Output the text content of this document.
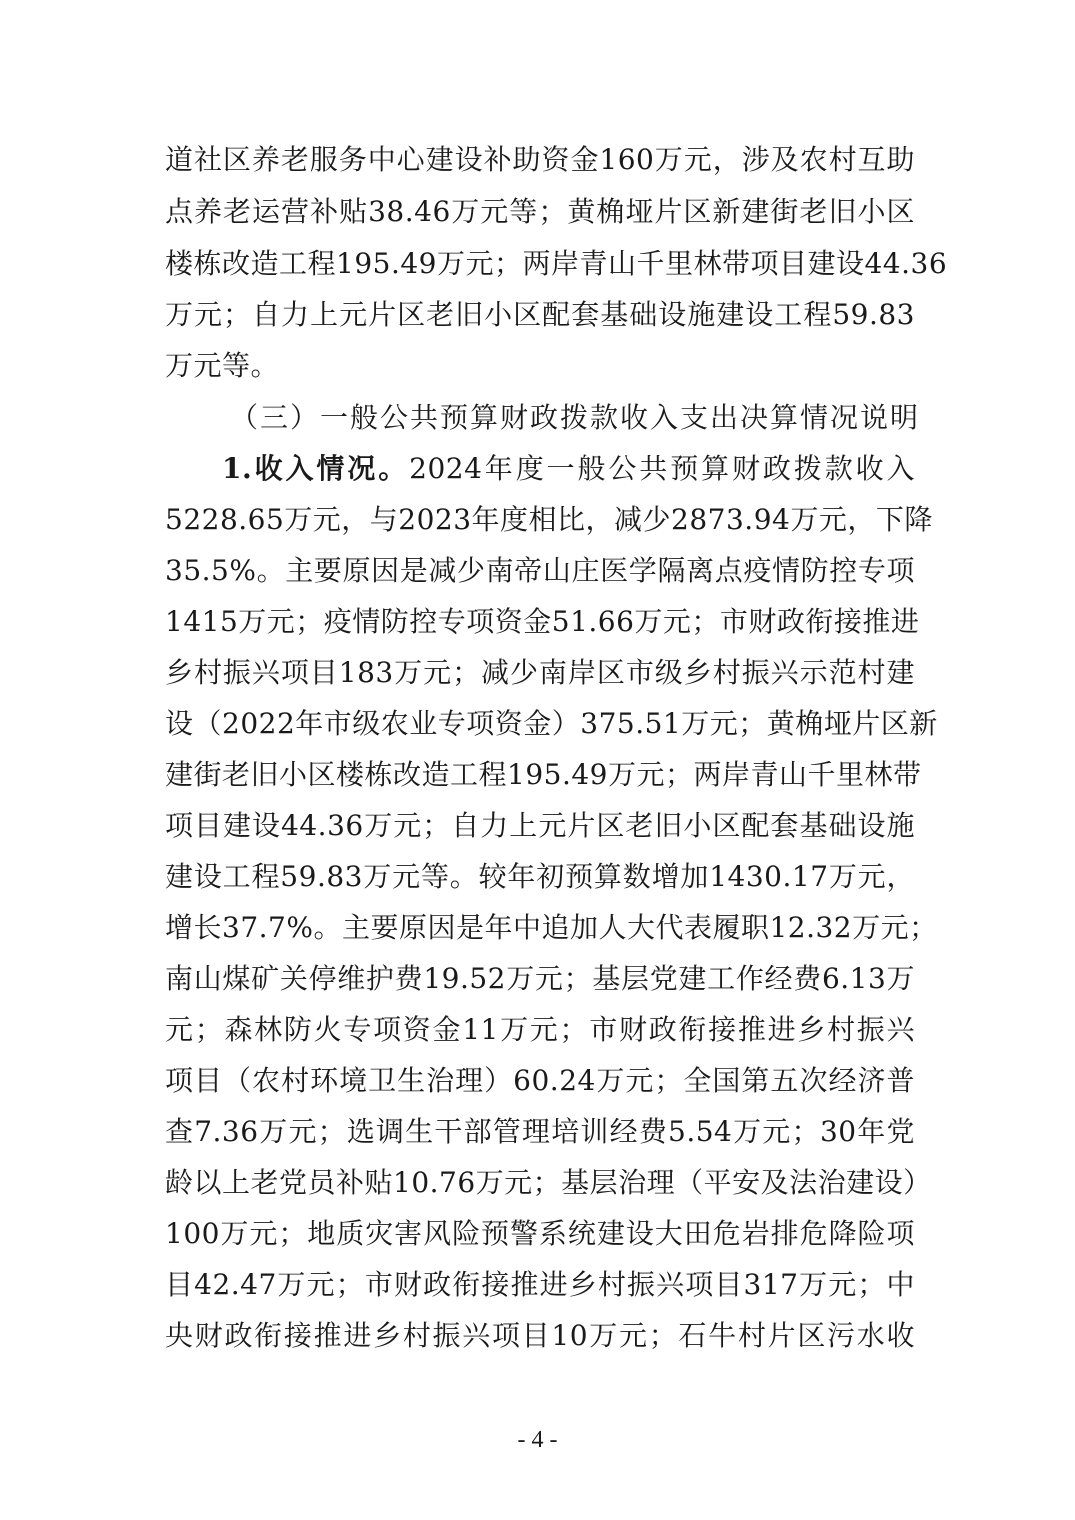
道社区养老服务中心建设补助资金160万元，涉及农村互助
点养老运营补贴38.46万元等；黄桷垭片区新建街老旧小区
楼栋改造工程195.49万元；两岸青山千里林带项目建设44.36
万元；自力上元片区老旧小区配套基础设施建设工程59.83
万元等。
（三）一般公共预算财政拨款收入支出决算情况说明
1.收入情况。2024年度一般公共预算财政拨款收入
5228.65万元，与2023年度相比，减少2873.94万元，下降
35.5%。主要原因是减少南帝山庄医学隔离点疫情防控专项
1415万元；疫情防控专项资金51.66万元；市财政衔接推进
乡村振兴项目183万元；减少南岸区市级乡村振兴示范村建
设（2022年市级农业专项资金）375.51万元；黄桷垭片区新
建街老旧小区楼栋改造工程195.49万元；两岸青山千里林带
项目建设44.36万元；自力上元片区老旧小区配套基础设施
建设工程59.83万元等。较年初预算数增加1430.17万元，
增长37.7%。主要原因是年中追加人大代表履职12.32万元；
南山煤矿关停维护费19.52万元；基层党建工作经费6.13万
元；森林防火专项资金11万元；市财政衔接推进乡村振兴
项目（农村环境卫生治理）60.24万元；全国第五次经济普
查7.36万元；选调生干部管理培训经费5.54万元；30年党
龄以上老党员补贴10.76万元；基层治理（平安及法治建设）
100万元；地质灾害风险预警系统建设大田危岩排危降险项
目42.47万元；市财政衔接推进乡村振兴项目317万元；中
央财政衔接推进乡村振兴项目10万元；石牛村片区污水收
- 4 -
